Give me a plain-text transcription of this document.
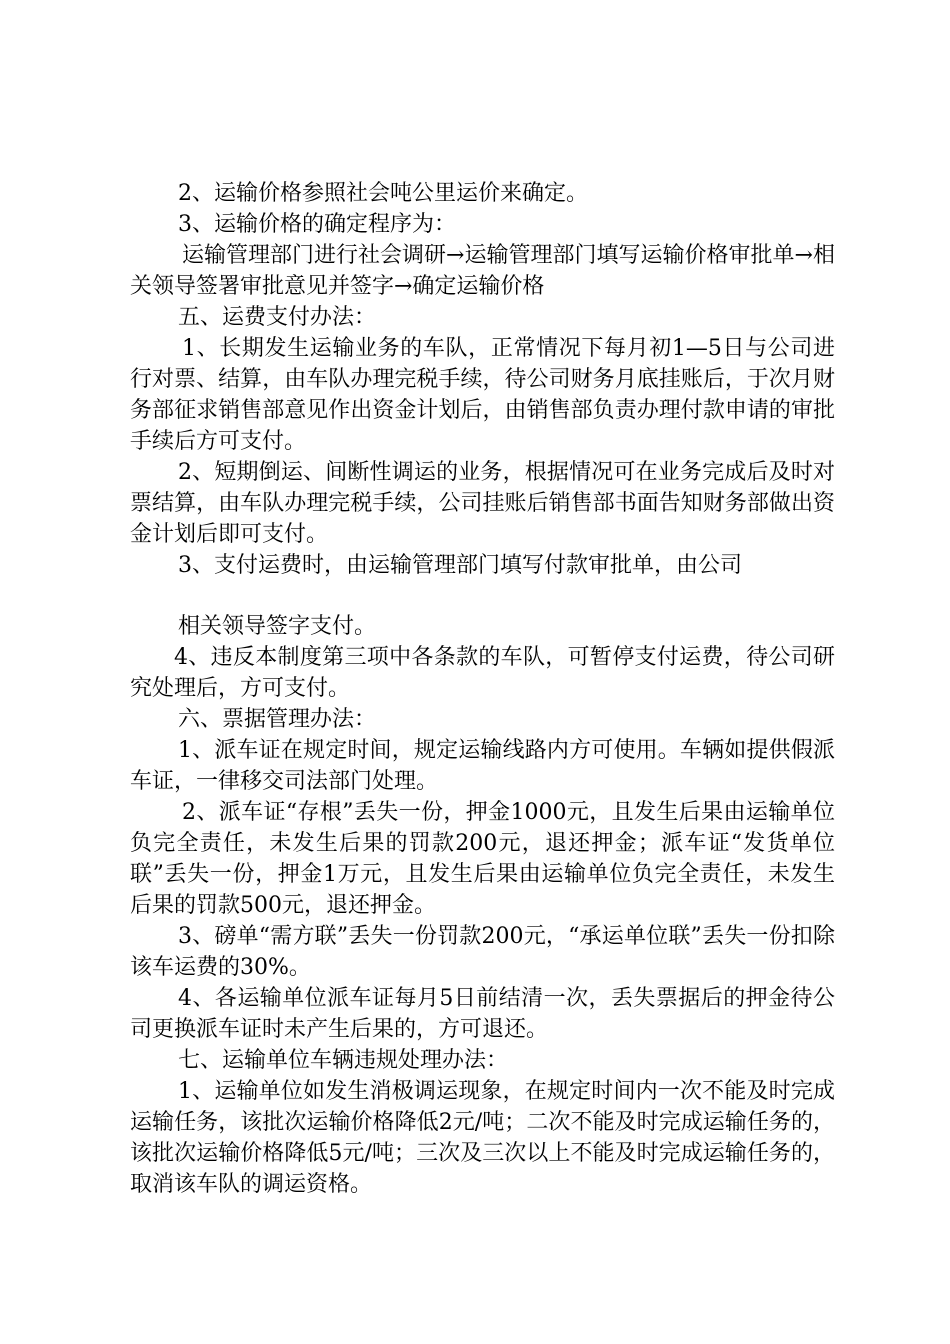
2、运输价格参照社会吨公里运价来确定。

3、运输价格的确定程序为：

运输管理部门进行社会调研→运输管理部门填写运输价格审批单→相关领导签署审批意见并签字→确定运输价格

五、运费支付办法：

1、长期发生运输业务的车队，正常情况下每月初1—5日与公司进行对票、结算，由车队办理完税手续，待公司财务月底挂账后，于次月财务部征求销售部意见作出资金计划后，由销售部负责办理付款申请的审批手续后方可支付。

2、短期倒运、间断性调运的业务，根据情况可在业务完成后及时对票结算，由车队办理完税手续，公司挂账后销售部书面告知财务部做出资金计划后即可支付。

3、支付运费时，由运输管理部门填写付款审批单，由公司

相关领导签字支付。

4、违反本制度第三项中各条款的车队，可暂停支付运费，待公司研究处理后，方可支付。

六、票据管理办法：

1、派车证在规定时间，规定运输线路内方可使用。车辆如提供假派车证，一律移交司法部门处理。

2、派车证“存根”丢失一份，押金1000元，且发生后果由运输单位负完全责任，未发生后果的罚款200元，退还押金；派车证“发货单位联”丢失一份，押金1万元，且发生后果由运输单位负完全责任，未发生后果的罚款500元，退还押金。

3、磅单“需方联”丢失一份罚款200元，“承运单位联”丢失一份扣除该车运费的30%。

4、各运输单位派车证每月5日前结清一次，丢失票据后的押金待公司更换派车证时未产生后果的，方可退还。

七、运输单位车辆违规处理办法：

1、运输单位如发生消极调运现象，在规定时间内一次不能及时完成运输任务，该批次运输价格降低2元/吨；二次不能及时完成运输任务的，该批次运输价格降低5元/吨；三次及三次以上不能及时完成运输任务的，取消该车队的调运资格。
